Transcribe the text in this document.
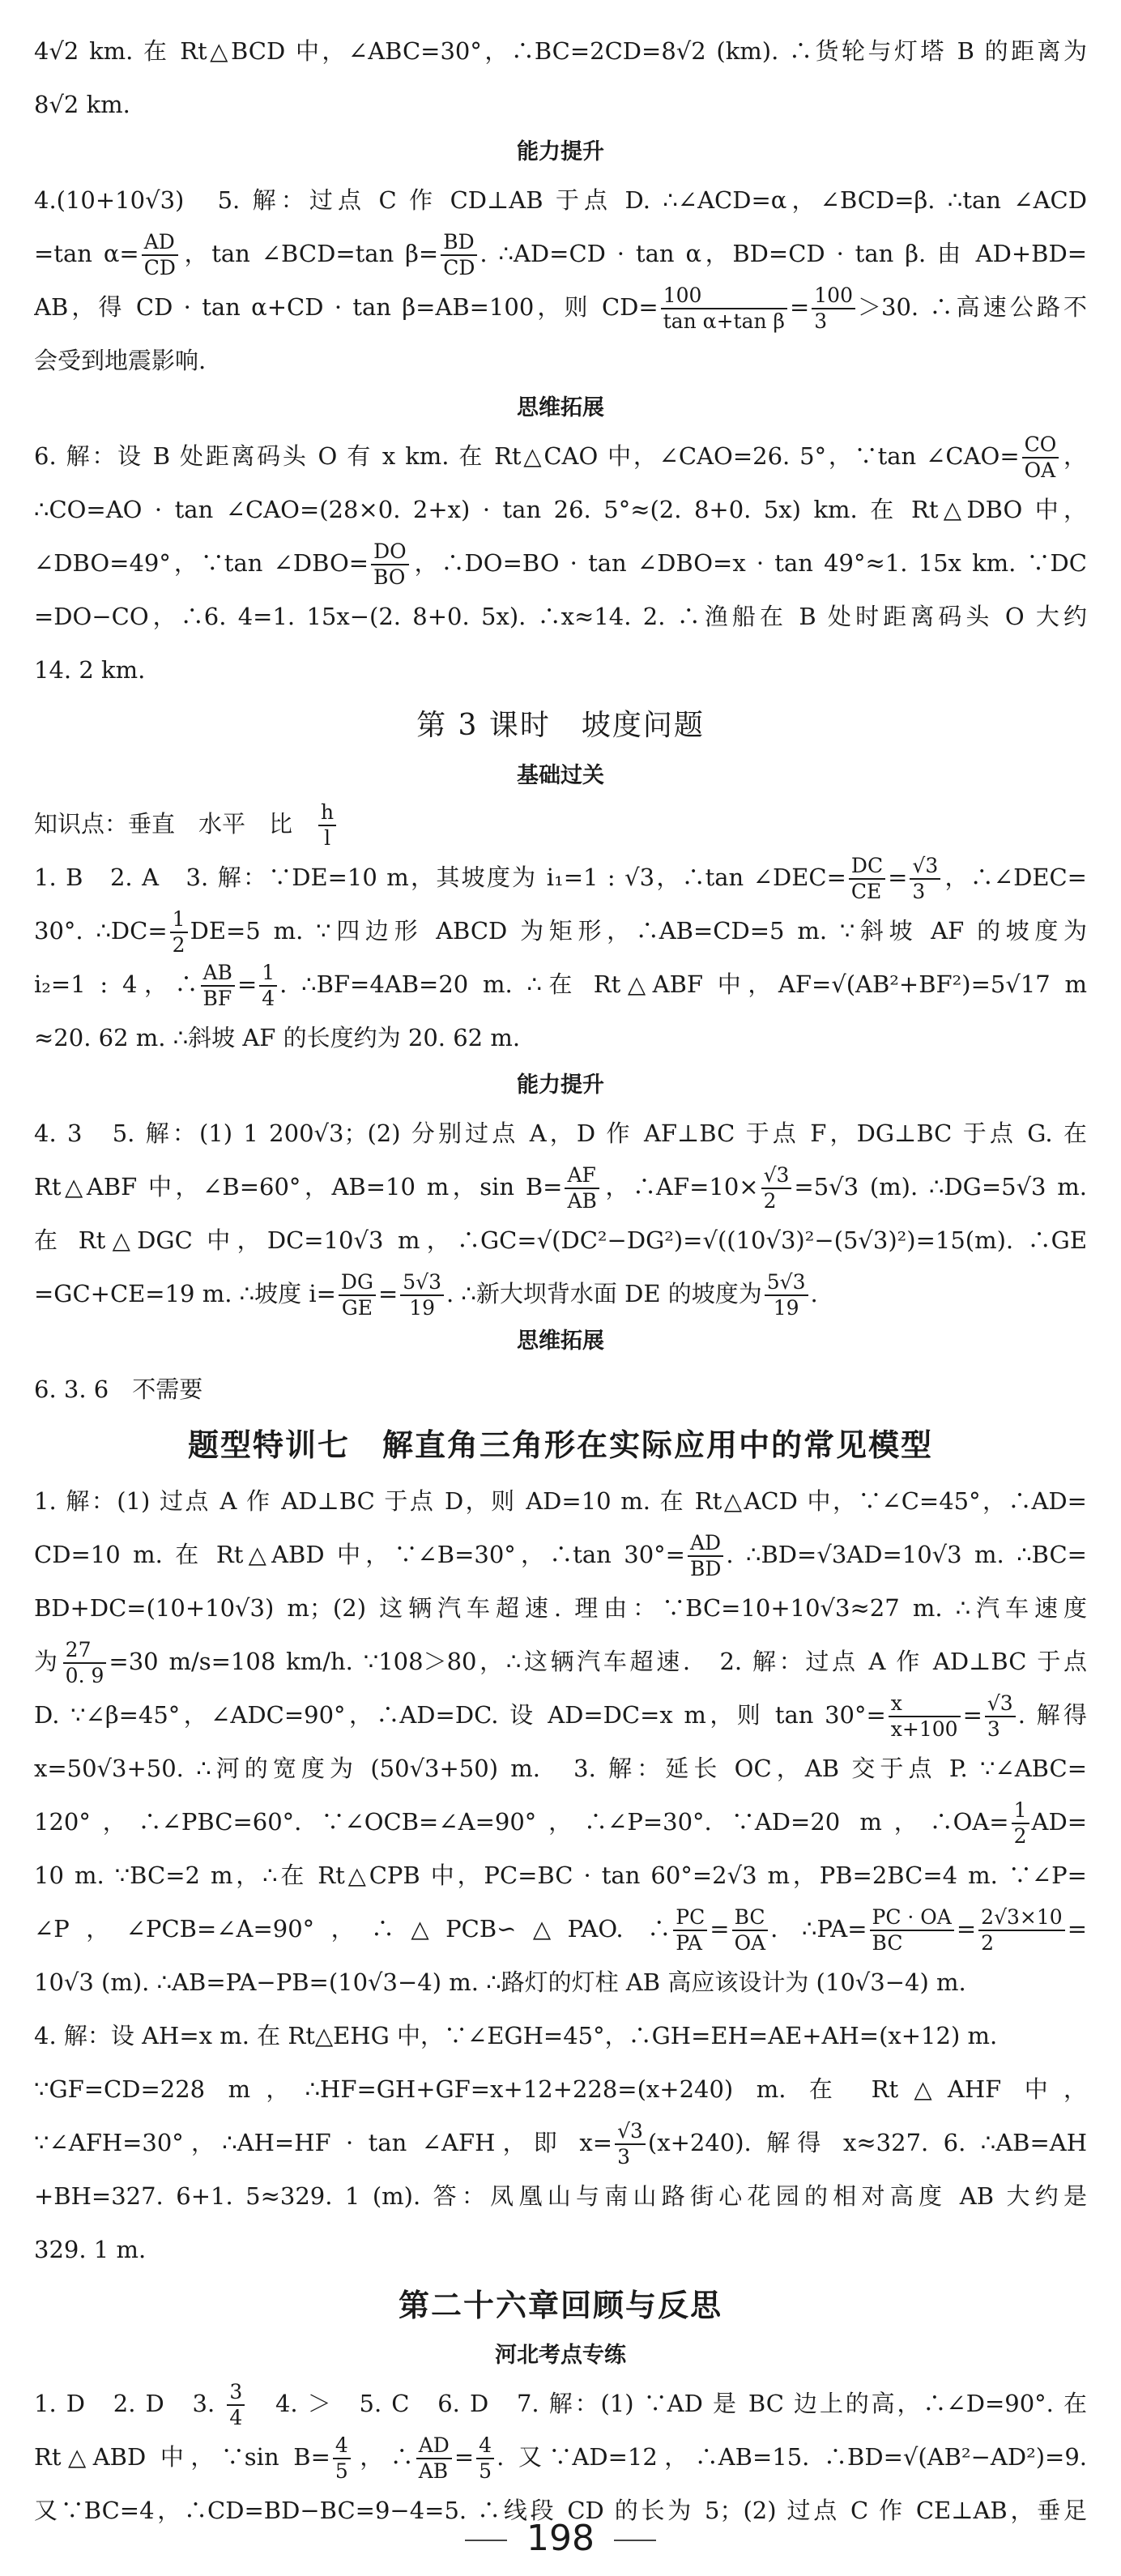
4√2 km. 在 Rt△BCD 中，∠ABC=30°，∴BC=2CD=8√2 (km). ∴货轮与灯塔 B 的距离为
8√2 km.
能力提升
4.(10+10√3)　5. 解：过点 C 作 CD⊥AB 于点 D. ∴∠ACD=α，∠BCD=β. ∴tan ∠ACD
=tan $\alpha= \frac{AD}{CD}$ ，tan ∠BCD=tan $\beta= \frac{BD}{CD}$ . ∴AD=CD · tan α，BD=CD · tan β. 由 AD+BD=
AB，得 CD · tan α+CD · tan β=AB=100，则 $CD= \frac{100}{\text{tan α+tan β}} = \frac{100}{3} >30$. ∴高速公路不
会受到地震影响.
思维拓展
6. 解：设 B 处距离码头 O 有 x km. 在 Rt△CAO 中，∠CAO=26. 5°，∵tan ∠CAO= $\frac{CO}{OA}$ ，
∴CO=AO · tan ∠CAO=(28×0. 2+x) · tan 26. 5°≈(2. 8+0. 5x) km. 在 Rt△DBO 中，
∠DBO=49°，∵tan ∠DBO= $\frac{DO}{BO}$ ，∴DO=BO · tan ∠DBO=x · tan 49°≈1. 15x km. ∵DC
=DO−CO，∴6. 4=1. 15x−(2. 8+0. 5x). ∴x≈14. 2. ∴渔船在 B 处时距离码头 O 大约
14. 2 km.
第 3 课时　坡度问题
基础过关
知识点：垂直　水平　比　 $\frac{h}{l}$
1. B　2. A　3. 解：∵DE=10 m，其坡度为 i₁=1 : √3，∴tan ∠DEC= $\frac{DC}{CE} = \frac{√3}{3}$ ，∴∠DEC=
30°. ∴DC= $\frac{1}{2} DE=5$ m. ∵四边形 ABCD 为矩形，∴AB=CD=5 m. ∵斜坡 AF 的坡度为
i₂=1 : 4，∴ $\frac{AB}{BF} = \frac{1}{4}$ . ∴BF=4AB=20 m. ∴在 Rt△ABF 中，AF=√(AB²+BF²)=5√17 m
≈20. 62 m. ∴斜坡 AF 的长度约为 20. 62 m.
能力提升
4. 3　5. 解：(1) 1 200√3；(2) 分别过点 A，D 作 AF⊥BC 于点 F，DG⊥BC 于点 G. 在
Rt△ABF 中，∠B=60°，AB=10 m，$\sin B= \frac{AF}{AB}$ ，∴AF=10× $\frac{√3}{2} =5√3$ (m). ∴DG=5√3 m.
在 Rt△DGC 中，DC=10√3 m，∴GC=√(DC²−DG²)=√((10√3)²−(5√3)²)=15(m). ∴GE
=GC+CE=19 m. ∴坡度 $i= \frac{DG}{GE} = \frac{5√3}{19}$ . ∴新大坝背水面 DE 的坡度为 $\frac{5√3}{19}$ .
思维拓展
6. 3. 6　不需要
题型特训七　解直角三角形在实际应用中的常见模型
1. 解：(1) 过点 A 作 AD⊥BC 于点 D，则 AD=10 m. 在 Rt△ACD 中，∵∠C=45°，∴AD=
CD=10 m. 在 Rt△ABD 中，∵∠B=30°，∴tan $30^\circ= \frac{AD}{BD}$ . ∴BD=√3AD=10√3 m. ∴BC=
BD+DC=(10+10√3) m；(2) 这辆汽车超速. 理由：∵BC=10+10√3≈27 m. ∴汽车速度
为 $\frac{27}{0. 9} =30$ m/s=108 km/h. ∵108＞80，∴这辆汽车超速.　2. 解：过点 A 作 AD⊥BC 于点
D. ∵∠β=45°，∠ADC=90°，∴AD=DC. 设 AD=DC=x m，则 $\tan 30^\circ= \frac{x}{x+100} = \frac{√3}{3}$ . 解得
x=50√3+50. ∴河的宽度为 (50√3+50) m.　3. 解：延长 OC，AB 交于点 P. ∵∠ABC=
120°，∴∠PBC=60°. ∵∠OCB=∠A=90°，∴∠P=30°. ∵AD=20 m，∴OA= $\frac{1}{2} AD=$
10 m. ∵BC=2 m，∴在 Rt△CPB 中，PC=BC · tan 60°=2√3 m，PB=2BC=4 m. ∵∠P=
∠P，∠PCB=∠A=90°，∴△PCB∽△PAO. ∴ $\frac{PC}{PA} = \frac{BC}{OA}$ . ∴PA= $\frac{PC \cdot OA}{BC} = \frac{2√3\times 10}{2}$ =
10√3 (m). ∴AB=PA−PB=(10√3−4) m. ∴路灯的灯柱 AB 高应该设计为 (10√3−4) m.
4. 解：设 AH=x m. 在 Rt△EHG 中，∵∠EGH=45°，∴GH=EH=AE+AH=(x+12) m.
∵GF=CD=228 m，∴HF=GH+GF=x+12+228=(x+240) m. 在 Rt△AHF 中，
∵∠AFH=30°，∴AH=HF · tan ∠AFH，即 $x= \frac{√3}{3} (x+240)$. 解得 x≈327. 6. ∴AB=AH
+BH=327. 6+1. 5≈329. 1 (m). 答：凤凰山与南山路街心花园的相对高度 AB 大约是
329. 1 m.
第二十六章回顾与反思
河北考点专练
1. D　2. D　3. $\frac{3}{4}$ 　4. ＞　5. C　6. D　7. 解：(1) ∵AD 是 BC 边上的高，∴∠D=90°. 在
Rt△ABD 中，∵sin $B= \frac{4}{5}$ ，∴ $\frac{AD}{AB} = \frac{4}{5}$ . 又∵AD=12，∴AB=15. ∴BD=√(AB²−AD²)=9.
又∵BC=4，∴CD=BD−BC=9−4=5. ∴线段 CD 的长为 5；(2) 过点 C 作 CE⊥AB，垂足
198
